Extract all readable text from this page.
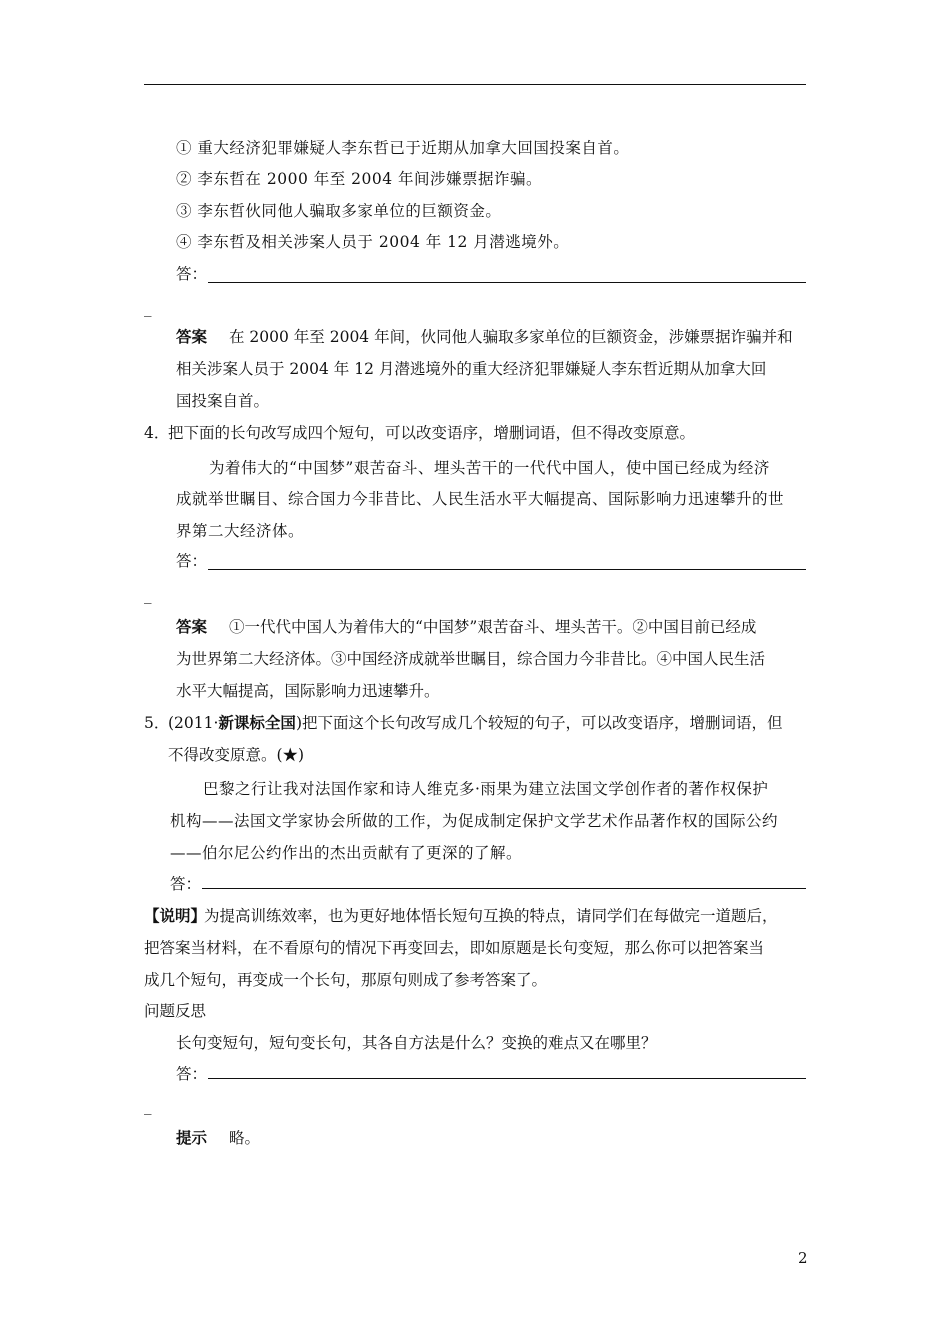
① 重大经济犯罪嫌疑人李东哲已于近期从加拿大回国投案自首。
② 李东哲在 2000 年至 2004 年间涉嫌票据诈骗。
③ 李东哲伙同他人骗取多家单位的巨额资金。
④ 李东哲及相关涉案人员于 2004 年 12 月潜逃境外。
答：
_
答案 在 2000 年至 2004 年间，伙同他人骗取多家单位的巨额资金，涉嫌票据诈骗并和
相关涉案人员于 2004 年 12 月潜逃境外的重大经济犯罪嫌疑人李东哲近期从加拿大回
国投案自首。
4．
把下面的长句改写成四个短句，可以改变语序，增删词语，但不得改变原意。
为着伟大的“中国梦”艰苦奋斗、埋头苦干的一代代中国人，使中国已经成为经济
成就举世瞩目、综合国力今非昔比、人民生活水平大幅提高、国际影响力迅速攀升的世
界第二大经济体。
答：
_
答案 ①一代代中国人为着伟大的“中国梦”艰苦奋斗、埋头苦干。②中国目前已经成
为世界第二大经济体。③中国经济成就举世瞩目，综合国力今非昔比。④中国人民生活
水平大幅提高，国际影响力迅速攀升。
5．
(2011·新课标全国)把下面这个长句改写成几个较短的句子，可以改变语序，增删词语，但
不得改变原意。(★)
巴黎之行让我对法国作家和诗人维克多·雨果为建立法国文学创作者的著作权保护
机构——法国文学家协会所做的工作，为促成制定保护文学艺术作品著作权的国际公约
——伯尔尼公约作出的杰出贡献有了更深的了解。
答：
【说明】
为提高训练效率，也为更好地体悟长短句互换的特点，请同学们在每做完一道题后，
把答案当材料，在不看原句的情况下再变回去，即如原题是长句变短，那么你可以把答案当
成几个短句，再变成一个长句，那原句则成了参考答案了。
问题反思
长句变短句，短句变长句，其各自方法是什么？变换的难点又在哪里？
答：
_
提示 略。
2
